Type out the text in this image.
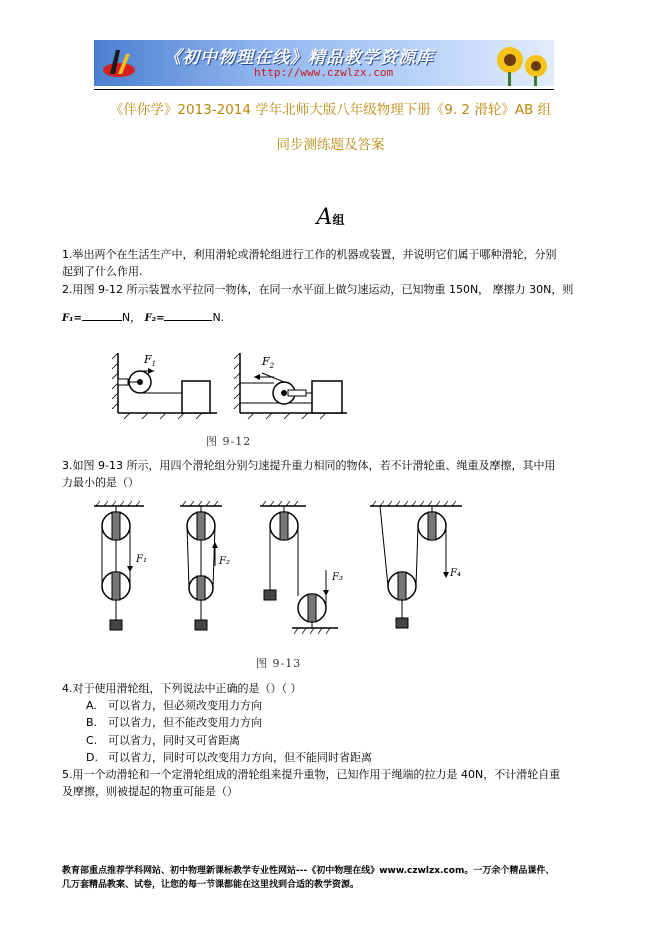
《初中物理在线》精品教学资源库
http://www.czwlzx.com
《伴你学》2013-2014 学年北师大版八年级物理下册《9. 2 滑轮》AB 组
同步测练题及答案
A组
1.举出两个在生活生产中，利用滑轮或滑轮组进行工作的机器或装置，并说明它们属于哪种滑轮，分别
起到了什么作用.
2.用图 9-12 所示装置水平拉同一物体，在同一水平面上做匀速运动，已知物重 150N， 摩擦力 30N，则
F₁=	N， F₂=	N.
$F_1$	$F_2$
图 9-12
3.如图 9-13 所示，用四个滑轮组分别匀速提升重力相同的物体，若不计滑轮重、绳重及摩擦，其中用
力最小的是（）
F₁	F₂
F₃	F₄
图 9-13
4.对于使用滑轮组，下列说法中正确的是（）（ ）
A. 可以省力，但必须改变用力方向
B. 可以省力，但不能改变用力方向
C. 可以省力，同时又可省距离
D. 可以省力，同时可以改变用力方向，但不能同时省距离
5.用一个动滑轮和一个定滑轮组成的滑轮组来提升重物，已知作用于绳端的拉力是 40N，不计滑轮自重
及摩擦，则被提起的物重可能是（）
教育部重点推荐学科网站、初中物理新课标教学专业性网站---《初中物理在线》www.czwlzx.com。一万余个精品课件、
几万套精品教案、试卷，让您的每一节课都能在这里找到合适的教学资源。
